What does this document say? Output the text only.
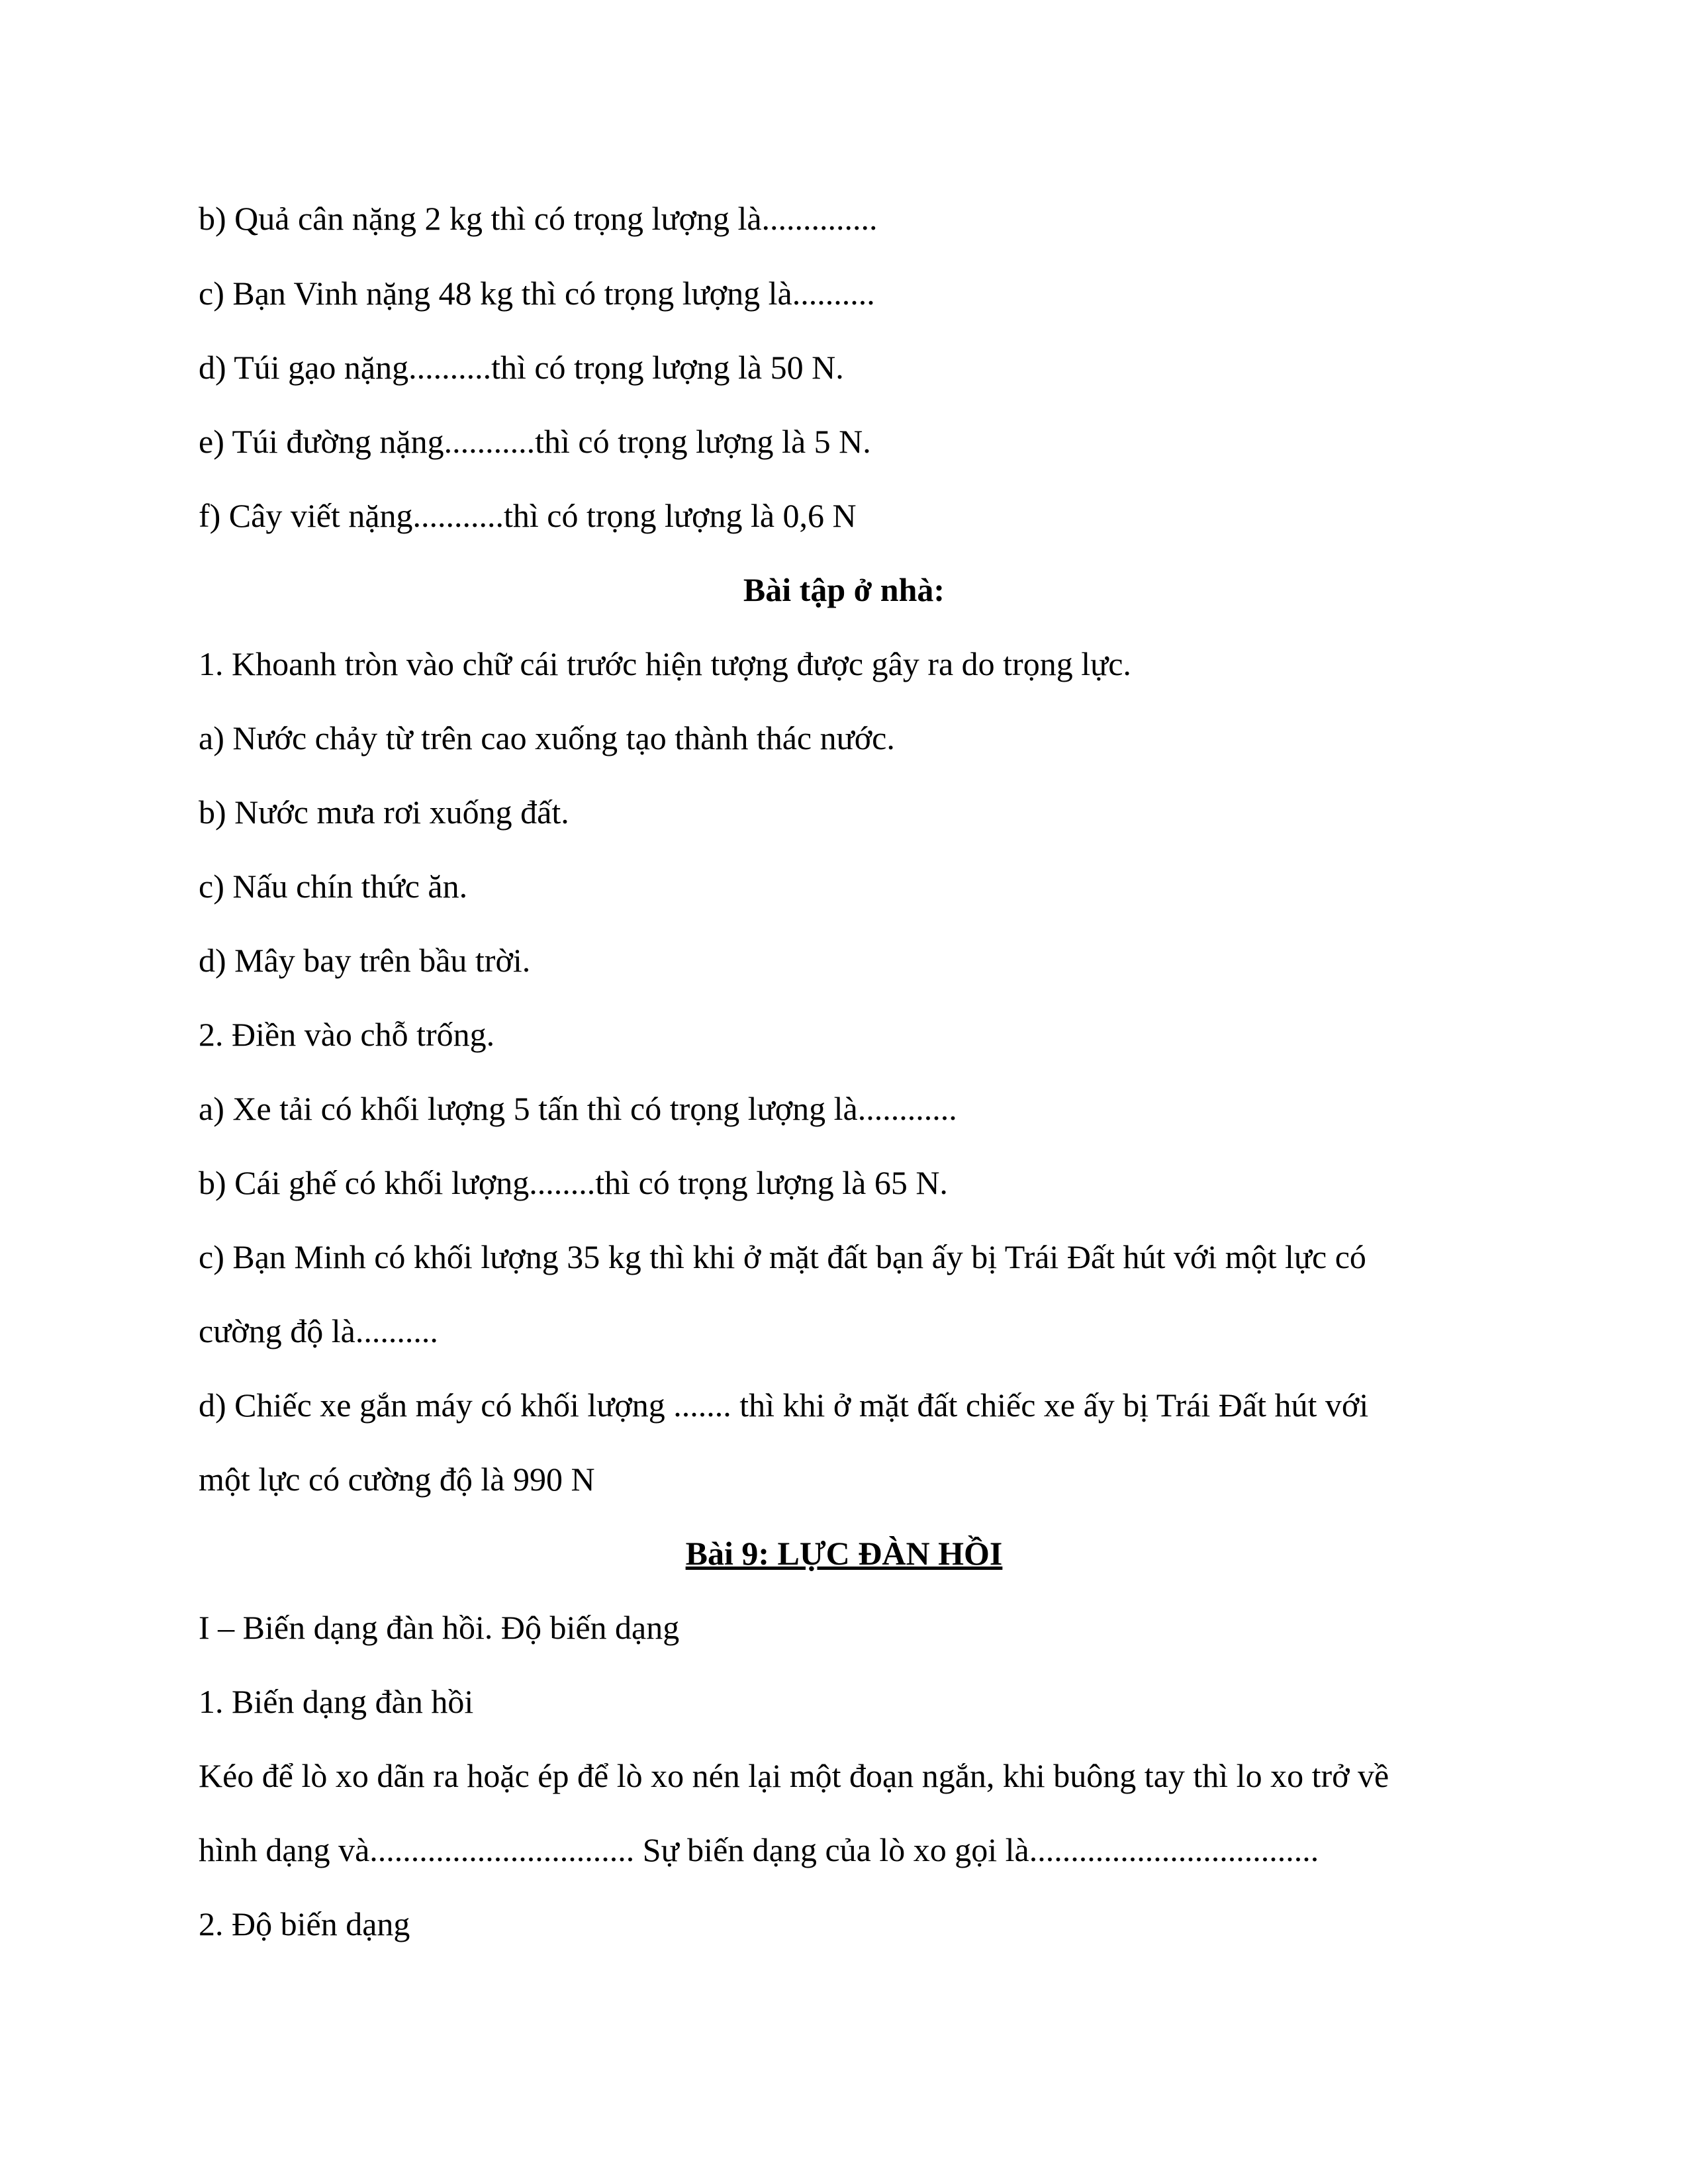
b) Quả cân nặng 2 kg thì có trọng lượng là..............
c) Bạn Vinh nặng 48 kg thì có trọng lượng là..........
d) Túi gạo nặng..........thì có trọng lượng là 50 N.
e) Túi đường nặng...........thì có trọng lượng là 5 N.
f) Cây viết nặng...........thì có trọng lượng là 0,6 N
Bài tập ở nhà:
1. Khoanh tròn vào chữ cái trước hiện tượng được gây ra do trọng lực.
a) Nước chảy từ trên cao xuống tạo thành thác nước.
b) Nước mưa rơi xuống đất.
c) Nấu chín thức ăn.
d) Mây bay trên bầu trời.
2. Điền vào chỗ trống.
a) Xe tải có khối lượng 5 tấn thì có trọng lượng là............
b) Cái ghế có khối lượng........thì có trọng lượng là 65 N.
c) Bạn Minh có khối lượng 35 kg thì khi ở mặt đất bạn ấy bị Trái Đất hút với một lực có
cường độ là..........
d) Chiếc xe gắn máy có khối lượng ....... thì khi ở mặt đất chiếc xe ấy bị Trái Đất hút với
một lực có cường độ là 990 N
Bài 9: LỰC ĐÀN HỒI
I – Biến dạng đàn hồi. Độ biến dạng
1. Biến dạng đàn hồi
Kéo để lò xo dãn ra hoặc ép để lò xo nén lại một đoạn ngắn, khi buông tay thì lo xo trở về
hình dạng và................................ Sự biến dạng của lò xo gọi là...................................
2. Độ biến dạng
